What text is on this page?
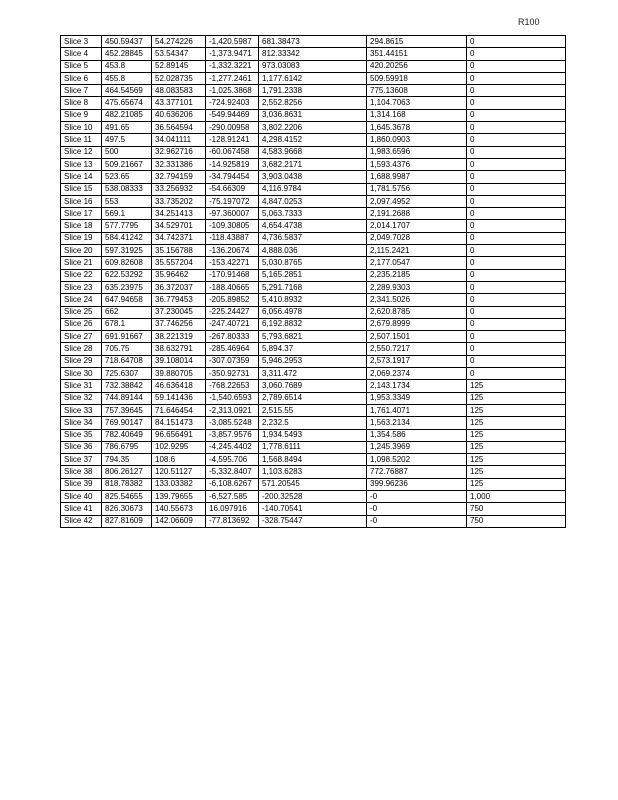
R100
Slice 3	450.59437	54.274226	-1,420.5987	681.38473	294.8615	0
Slice 4	452.28845	53.54347	-1,373.9471	812.33342	351.44151	0
Slice 5	453.8	52.89145	-1,332.3221	973.03083	420.20256	0
Slice 6	455.8	52.028735	-1,277.2461	1,177.6142	509.59918	0
Slice 7	464.54569	48.083583	-1,025.3868	1,791.2338	775.13608	0
Slice 8	475.65674	43.377101	-724.92403	2,552.8256	1,104.7063	0
Slice 9	482.21085	40.636206	-549.94469	3,036.8631	1,314.168	0
Slice 10	491.65	36.564594	-290.00958	3,802.2206	1,645.3678	0
Slice 11	497.5	34.041111	-128.91241	4,298.4152	1,860.0903	0
Slice 12	500	32.962716	-60.067458	4,583.9668	1,983.6596	0
Slice 13	509.21667	32.331386	-14.925819	3,682.2171	1,593.4376	0
Slice 14	523.65	32.794159	-34.794454	3,903.0438	1,688.9987	0
Slice 15	538.08333	33.256932	-54.66309	4,116.9784	1,781.5756	0
Slice 16	553	33.735202	-75.197072	4,847.0253	2,097.4952	0
Slice 17	569.1	34.251413	-97.360007	5,063.7333	2,191.2688	0
Slice 18	577.7795	34.529701	-109.30805	4,654.4738	2,014.1707	0
Slice 19	584.41242	34.742371	-118.43887	4,736.5837	2,049.7028	0
Slice 20	597.31925	35.156788	-136.20674	4,888.036	2,115.2421	0
Slice 21	609.82608	35.557204	-153.42271	5,030.8765	2,177.0547	0
Slice 22	622.53292	35.96462	-170.91468	5,165.2851	2,235.2185	0
Slice 23	635.23975	36.372037	-188.40665	5,291.7168	2,289.9303	0
Slice 24	647.94658	36.779453	-205.89852	5,410.8932	2,341.5026	0
Slice 25	662	37.230045	-225.24427	6,056.4978	2,620.8785	0
Slice 26	678.1	37.746256	-247.40721	6,192.8832	2,679.8999	0
Slice 27	691.91667	38.221319	-267.80333	5,793.6821	2,507.1501	0
Slice 28	705.75	38.632791	-285.46964	5,894.37	2,550.7217	0
Slice 29	718.64708	39.108014	-307.07359	5,946.2953	2,573.1917	0
Slice 30	725.6307	39.880705	-350.92731	3,311.472	2,069.2374	0
Slice 31	732.38842	46.636418	-768.22653	3,060.7689	2,143.1734	125
Slice 32	744.89144	59.141436	-1,540.6593	2,789.6514	1,953.3349	125
Slice 33	757.39645	71.646454	-2,313.0921	2,515.55	1,761.4071	125
Slice 34	769.90147	84.151473	-3,085.5248	2,232.5	1,563.2134	125
Slice 35	782.40649	96.656491	-3,857.9576	1,934.5493	1,354.586	125
Slice 36	786.6795	102.9295	-4,245.4402	1,778.6111	1,245.3969	125
Slice 37	794.35	108.6	-4,595.706	1,568.8494	1,098.5202	125
Slice 38	806.26127	120.51127	-5,332.8407	1,103.6283	772.76887	125
Slice 39	818.78382	133.03382	-6,108.6267	571.20545	399.96236	125
Slice 40	825.54655	139.79655	-6,527.585	-200.32528	-0	1,000
Slice 41	826.30673	140.55673	16.097916	-140.70541	-0	750
Slice 42	827.81609	142.06609	-77.813692	-328.75447	-0	750
